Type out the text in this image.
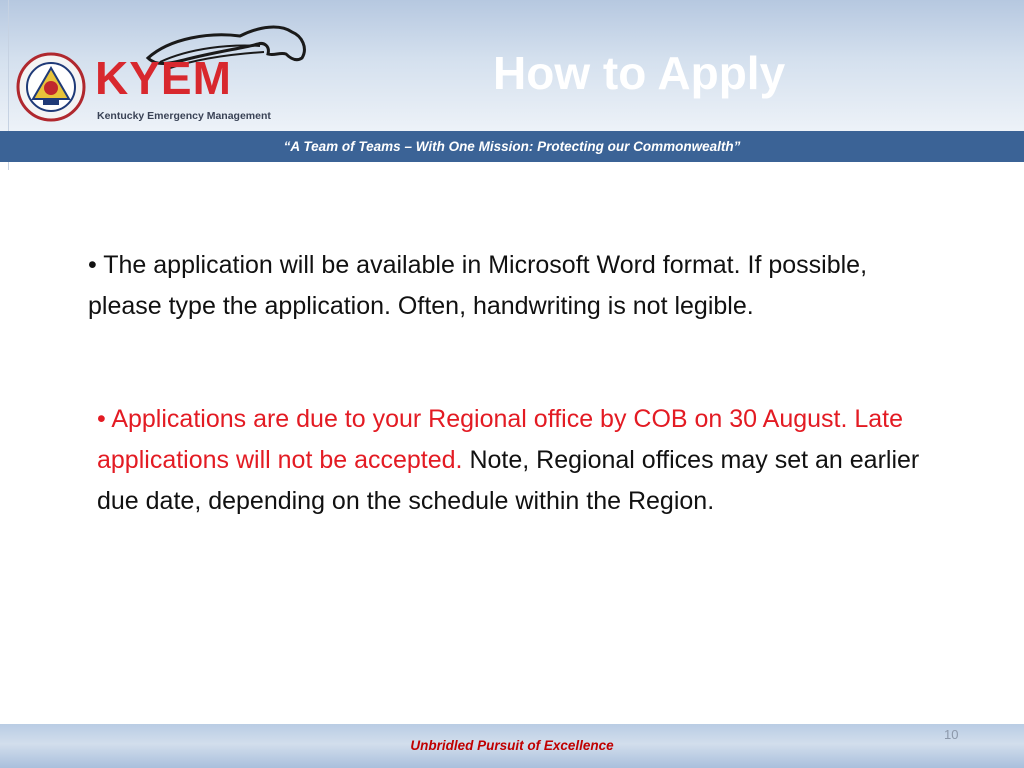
KYEM
Kentucky Emergency Management
How to Apply
“A Team of Teams – With One Mission: Protecting our Commonwealth”
• The application will be available in Microsoft Word format. If possible, please type the application. Often, handwriting is not legible.
• Applications are due to your Regional office by COB on 30 August. Late applications will not be accepted. Note, Regional offices may set an earlier due date, depending on the schedule within the Region.
10
Unbridled Pursuit of Excellence
